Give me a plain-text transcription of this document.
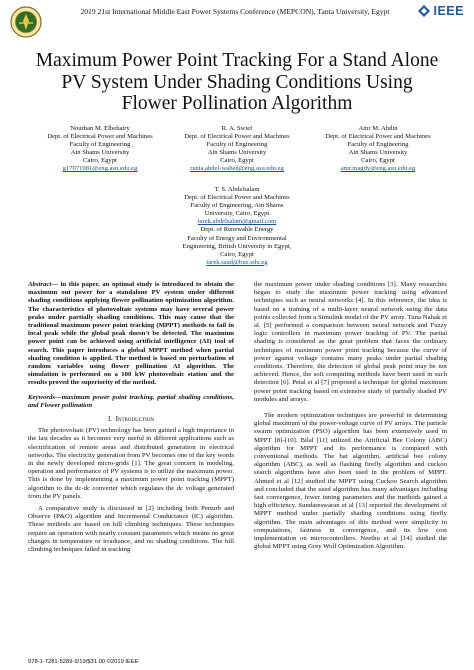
2019 21st International Middle East Power Systems Conference (MEPCON), Tanta University, Egypt	IEEE
Maximum Power Point Tracking For a Stand Alone
PV System Under Shading Conditions Using
Flower Pollination Algorithm
Nourhan M. Elbehairy
Dept. of Electrical Power and Machines
Faculty of Engineering
Ain Shams University
Cairo, Egypt
g17071981@eng.asu.edu.eg
R. A. Swief
Dept. of Electrical Power and Machines
Faculty of Engineering
Ain Shams University
Cairo, Egypt
rania.abdel-wahed@eng.asu.edu.eg
Amr M. Abdin
Dept. of Electrical Power and Machines
Faculty of Engineering
Ain Shams University
Cairo, Egypt
amr.magdy@eng.asu.edu.eg
T. S. Abdelsalam
Dept. of Electrical Power and Machines
Faculty of Engineering, Ain Shams
University, Cairo, Egypt
tarek.abdelsalam@gmail.com
Dept. of Renewable Energy
Faculty of Energy and Environmental
Engineering, British University in Egypt,
Cairo, Egypt
tarek.saad@bue.edu.eg
Abstract— in this paper, an optimal study is introduced to obtain the maximum out power for a standalone PV system under different shading conditions applying flower pollination optimization algorithm. The characteristics of photovoltaic systems may have several power peaks under partially shading conditions. This may cause that the traditional maximum power point tracking (MPPT) methods to fail in local peak while the global peak doesn't be detected. The maximum power point can be achieved using artificial intelligence (AI) tool of search. This paper introduces a global MPPT method when partial shading condition is applied. The method is based on perturbation of random variables using flower pollination AI algorithm. The simulation is performed on a 100 kW photovoltaic station and the results proved the superiority of the method.
Keywords—maximum power point tracking, partial shading conditions, and Flower pollination
I. Introduction

The photovoltaic (PV) technology has been gained a high importance in the last decades as it becomes very useful in different applications such as electrification of remote areas and distributed generation in electrical networks. The electricity generation from PV becomes one of the key words in the newly developed micro-grids [1]. The great concern in modeling, operation and performance of PV systems is to utilize the maximum power. This is done by implementing a maximum power point tracking (MPPT) algorithm to the dc-dc converter which regulates the dc voltage generated from the PV panels.

A comparative study is discussed in [2] including both Perturb and Observe (P&O) algorithm and Incremental Conductance (IC) algorithm. These methods are based on hill climbing techniques. These techniques require an operation with nearly constant parameters which means no great changes in temperature or irradiance, and no shading conditions. The hill climbing techniques failed in tracking

the maximum power under shading conditions [3]. Many researches began to study the maximum power tracking using advanced techniques such as neural networks [4]. In this reference, the idea is based on a training of a multi-layer neural network using the data points collected from a Simulink model of the PV array. Tuna Nahak et al. [5] performed a comparison between neural network and Fuzzy logic controllers in maximum power tracking of PV. The partial shading is considered as the great problem that faces the ordinary techniques of maximum power point tracking because the curve of power against voltage contains many peaks under partial shading conditions. Therefore, the detection of global peak point may be not achieved. Hence, the soft computing methods have been used in such detection [6]. Petal et al [7] proposed a technique for global maximum power point tracking based on extensive study of partially shaded PV modules and arrays.

The modern optimization techniques are powerful in determining global maximum of the power-voltage curve of PV arrays. The particle swarm optimization (PSO) algorithm has been extensively used in MPPT [8]-[10]. Bilal [11] utilized the Artificial Bee Colony (ABC) algorithm for MPPT and its performance is compared with conventional methods. The bat algorithm, artificial bee colony algorithm (ABC), as well as flashing firefly algorithm and cuckoo search algorithms have also been used in the problem of MPPT. Ahmed et al [12] studied the MPPT using Cuckoo Search algorithm and concluded that the used algorithm has many advantages including fast convergence, fewer tuning parameters and the methods gained a high efficiency. Sundareswaran et al [13] reported the development of MPPT method under partially shading conditions using firefly algorithm. The main advantages of this method were simplicity in computations, fastness in convergence, and its low cost implementation on microcontrollers. Neethu et al [14] studied the global MPPT using Grey Wolf Optimization Algorithm.

978-1-7281-5289-9/19/$31.00 ©2019 IEEE
